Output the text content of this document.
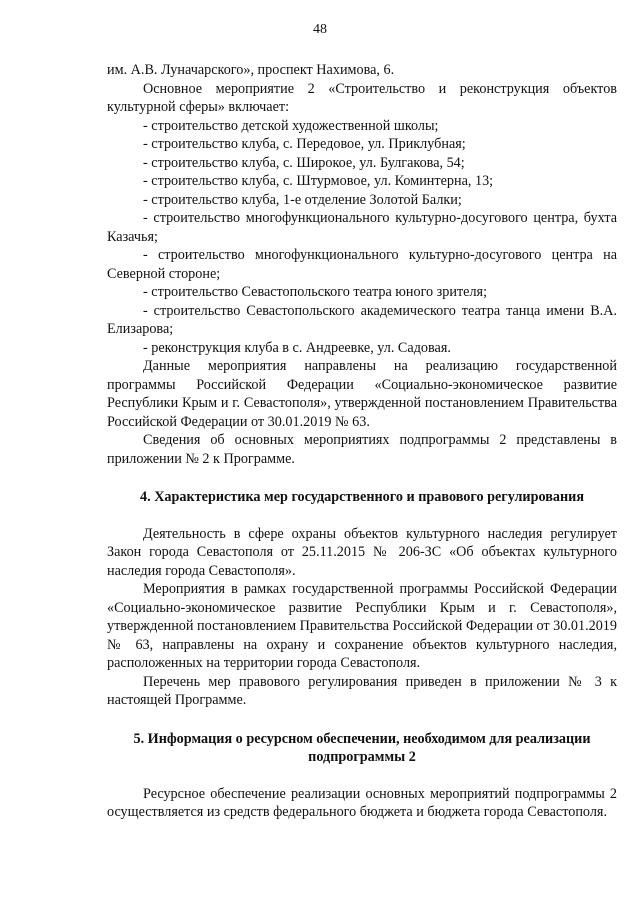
48

им. А.В. Луначарского», проспект Нахимова, 6.

Основное мероприятие 2 «Строительство и реконструкция объектов культурной сферы» включает:

- строительство детской художественной школы;

- строительство клуба, с. Передовое, ул. Приклубная;

- строительство клуба, с. Широкое, ул. Булгакова, 54;

- строительство клуба, с. Штурмовое, ул. Коминтерна, 13;

- строительство клуба, 1-е отделение Золотой Балки;

- строительство многофункционального культурно-досугового центра, бухта Казачья;

- строительство многофункционального культурно-досугового центра на Северной стороне;

- строительство Севастопольского театра юного зрителя;

- строительство Севастопольского академического театра танца имени В.А. Елизарова;

- реконструкция клуба в с. Андреевке, ул. Садовая.

Данные мероприятия направлены на реализацию государственной программы Российской Федерации «Социально-экономическое развитие Республики Крым и г. Севастополя», утвержденной постановлением Правительства Российской Федерации от 30.01.2019 № 63.

Сведения об основных мероприятиях подпрограммы 2 представлены в приложении № 2 к Программе.

4. Характеристика мер государственного и правового регулирования

Деятельность в сфере охраны объектов культурного наследия регулирует Закон города Севастополя от 25.11.2015 № 206-ЗС «Об объектах культурного наследия города Севастополя».

Мероприятия в рамках государственной программы Российской Федерации «Социально-экономическое развитие Республики Крым и г. Севастополя», утвержденной постановлением Правительства Российской Федерации от 30.01.2019 № 63, направлены на охрану и сохранение объектов культурного наследия, расположенных на территории города Севастополя.

Перечень мер правового регулирования приведен в приложении № 3 к настоящей Программе.

5. Информация о ресурсном обеспечении, необходимом для реализации подпрограммы 2

Ресурсное обеспечение реализации основных мероприятий подпрограммы 2 осуществляется из средств федерального бюджета и бюджета города Севастополя.
